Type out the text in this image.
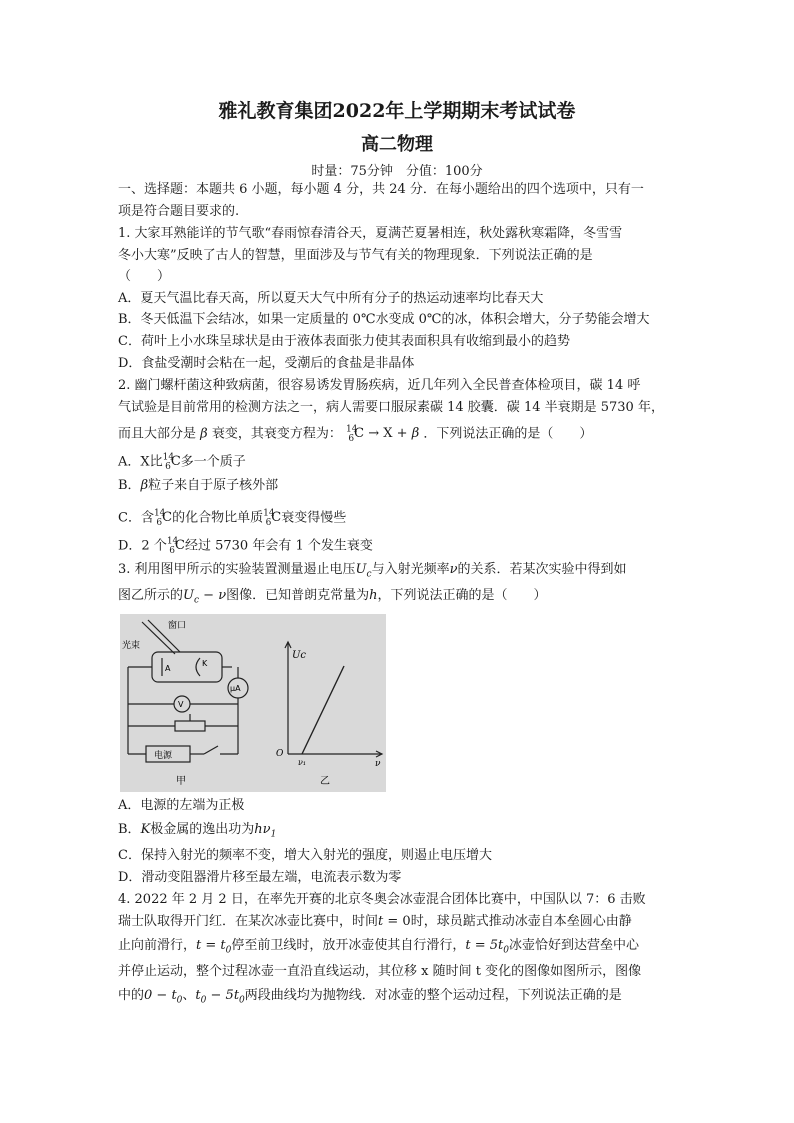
雅礼教育集团2022年上学期期末考试试卷
高二物理
时量：75分钟　分值：100分
一、选择题：本题共 6 小题，每小题 4 分，共 24 分．在每小题给出的四个选项中，只有一
项是符合题目要求的.
1. 大家耳熟能详的节气歌“春雨惊春清谷天，夏满芒夏暑相连，秋处露秋寒霜降，冬雪雪
冬小大寒”反映了古人的智慧，里面涉及与节气有关的物理现象．下列说法正确的是
（　　）
A．夏天气温比春天高，所以夏天大气中所有分子的热运动速率均比春天大
B．冬天低温下会结冰，如果一定质量的 0℃水变成 0℃的冰，体积会增大，分子势能会增大
C．荷叶上小水珠呈球状是由于液体表面张力使其表面积具有收缩到最小的趋势
D．食盐受潮时会粘在一起，受潮后的食盐是非晶体
2. 幽门螺杆菌这种致病菌，很容易诱发胃肠疾病，近几年列入全民普查体检项目，碳 14 呼
气试验是目前常用的检测方法之一，病人需要口服尿素碳 14 胶囊．碳 14 半衰期是 5730 年，
而且大部分是 β 衰变，其衰变方程为： $^{14}_6$C → X + β ．下列说法正确的是（　　）
A．X比$^{14}_6$C多一个质子
B．β粒子来自于原子核外部
C．含$^{14}_6$C的化合物比单质$^{14}_6$C衰变得慢些
D．2 个$^{14}_6$C经过 5730 年会有 1 个发生衰变
3. 利用图甲所示的实验装置测量遏止电压$U_c$与入射光频率ν的关系．若某次实验中得到如
图乙所示的$U_c - \nu$图像．已知普朗克常量为h，下列说法正确的是（　　）
光束
窗口
A
K
μA
V
电源
甲
Uc
O
ν₁	ν
乙
A．电源的左端为正极
B．K极金属的逸出功为$h\nu_1$
C．保持入射光的频率不变，增大入射光的强度，则遏止电压增大
D．滑动变阻器滑片移至最左端，电流表示数为零
4. 2022 年 2 月 2 日，在率先开赛的北京冬奥会冰壶混合团体比赛中，中国队以 7：6 击败
瑞士队取得开门红．在某次冰壶比赛中，时间t = 0时，球员踮式推动冰壶自本垒圆心由静
止向前滑行，$t = t_0$停至前卫线时，放开冰壶使其自行滑行，$t = 5t_0$冰壶恰好到达营垒中心
并停止运动，整个过程冰壶一直沿直线运动，其位移 x 随时间 t 变化的图像如图所示，图像
中的$0 - t_0$、$t_0 - 5t_0$两段曲线均为抛物线．对冰壶的整个运动过程，下列说法正确的是
